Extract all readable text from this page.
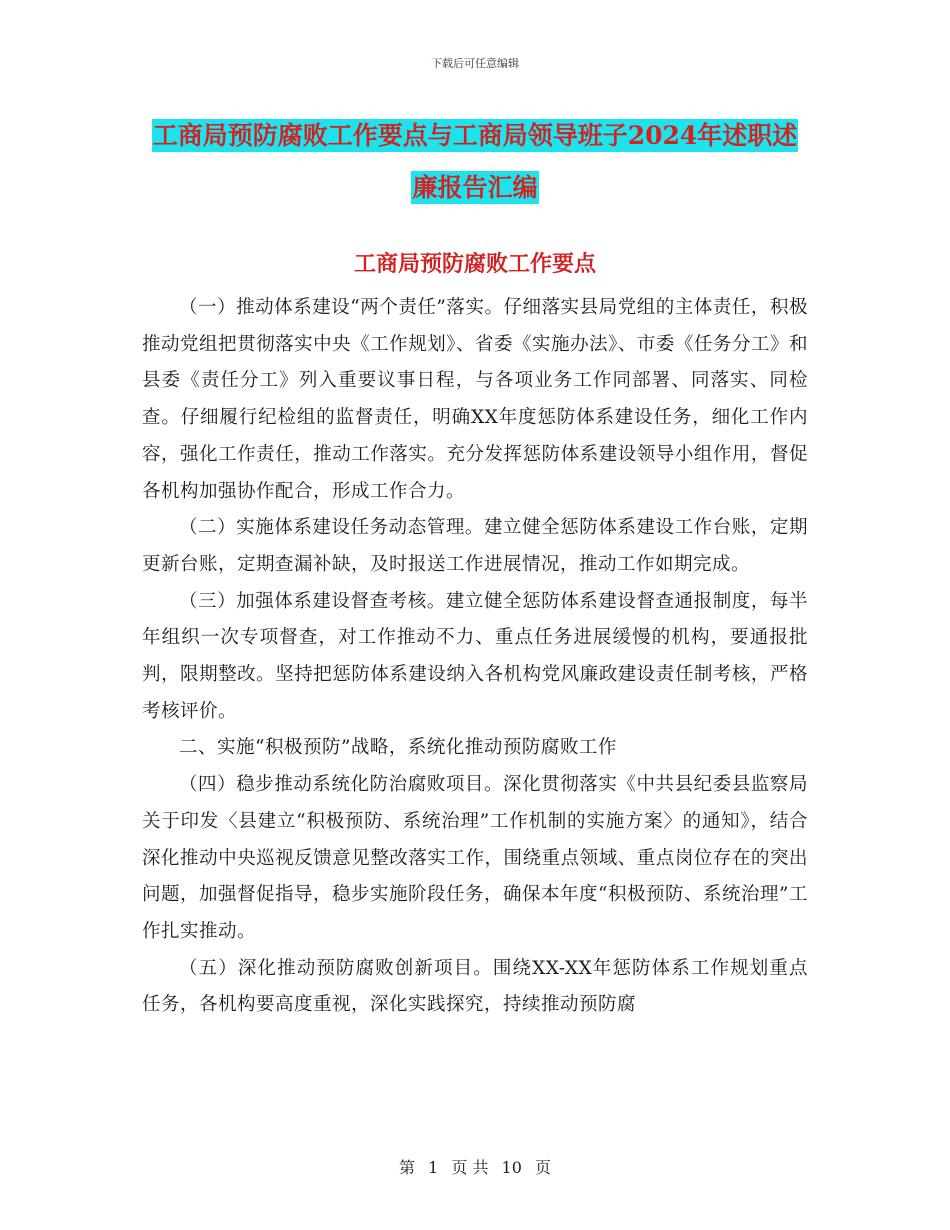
下载后可任意编辑
工商局预防腐败工作要点与工商局领导班子2024年述职述廉报告汇编
工商局预防腐败工作要点

（一）推动体系建设“两个责任”落实。仔细落实县局党组的主体责任，积极推动党组把贯彻落实中央《工作规划》、省委《实施办法》、市委《任务分工》和县委《责任分工》列入重要议事日程，与各项业务工作同部署、同落实、同检查。仔细履行纪检组的监督责任，明确XX年度惩防体系建设任务，细化工作内容，强化工作责任，推动工作落实。充分发挥惩防体系建设领导小组作用，督促各机构加强协作配合，形成工作合力。

（二）实施体系建设任务动态管理。建立健全惩防体系建设工作台账，定期更新台账，定期查漏补缺，及时报送工作进展情况，推动工作如期完成。

（三）加强体系建设督查考核。建立健全惩防体系建设督查通报制度，每半年组织一次专项督查，对工作推动不力、重点任务进展缓慢的机构，要通报批判，限期整改。坚持把惩防体系建设纳入各机构党风廉政建设责任制考核，严格考核评价。

二、实施“积极预防”战略，系统化推动预防腐败工作

（四）稳步推动系统化防治腐败项目。深化贯彻落实《中共县纪委县监察局关于印发〈县建立“积极预防、系统治理”工作机制的实施方案〉的通知》，结合深化推动中央巡视反馈意见整改落实工作，围绕重点领域、重点岗位存在的突出问题，加强督促指导，稳步实施阶段任务，确保本年度“积极预防、系统治理”工作扎实推动。

（五）深化推动预防腐败创新项目。围绕XX-XX年惩防体系工作规划重点任务，各机构要高度重视，深化实践探究，持续推动预防腐

第 1 页 共 10 页
